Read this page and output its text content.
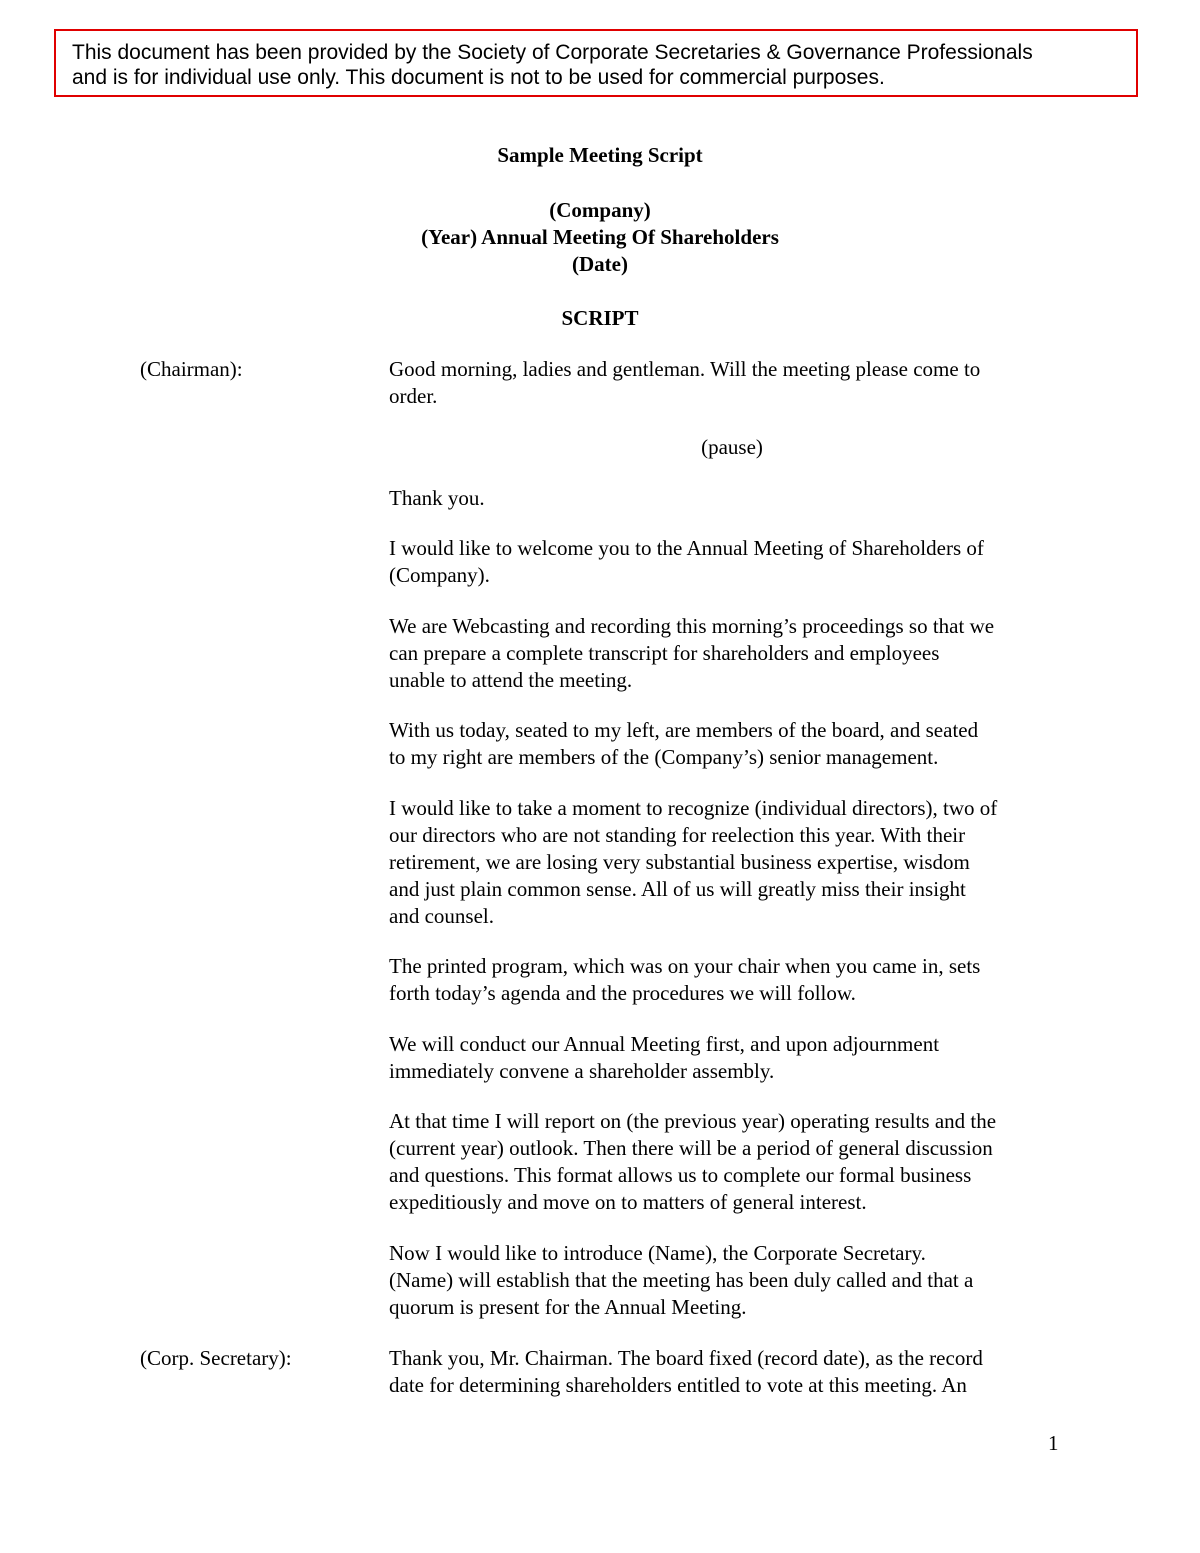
This document has been provided by the Society of Corporate Secretaries & Governance Professionals
and is for individual use only. This document is not to be used for commercial purposes.
Sample Meeting Script
(Company)
(Year) Annual Meeting Of Shareholders
(Date)
SCRIPT
(Chairman):	Good morning, ladies and gentleman. Will the meeting please come to
order.
(pause)
Thank you.
I would like to welcome you to the Annual Meeting of Shareholders of
(Company).
We are Webcasting and recording this morning’s proceedings so that we
can prepare a complete transcript for shareholders and employees
unable to attend the meeting.
With us today, seated to my left, are members of the board, and seated
to my right are members of the (Company’s) senior management.
I would like to take a moment to recognize (individual directors), two of
our directors who are not standing for reelection this year. With their
retirement, we are losing very substantial business expertise, wisdom
and just plain common sense. All of us will greatly miss their insight
and counsel.
The printed program, which was on your chair when you came in, sets
forth today’s agenda and the procedures we will follow.
We will conduct our Annual Meeting first, and upon adjournment
immediately convene a shareholder assembly.
At that time I will report on (the previous year) operating results and the
(current year) outlook. Then there will be a period of general discussion
and questions. This format allows us to complete our formal business
expeditiously and move on to matters of general interest.
Now I would like to introduce (Name), the Corporate Secretary.
(Name) will establish that the meeting has been duly called and that a
quorum is present for the Annual Meeting.
(Corp. Secretary):	Thank you, Mr. Chairman. The board fixed (record date), as the record
date for determining shareholders entitled to vote at this meeting. An
1
